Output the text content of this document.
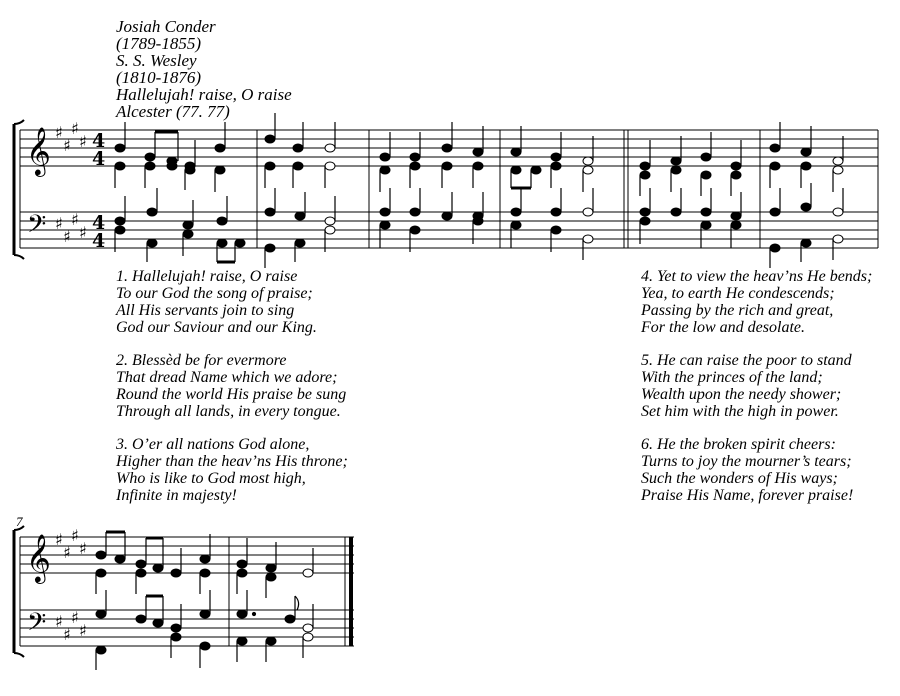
Josiah Conder
(1789-1855)
S. S. Wesley
(1810-1876)
Hallelujah! raise, O raise
Alcester (77. 77)
𝄞
𝄢
♯
♯
♯
♯
♯
♯
♯
♯
4
4
4
4
𝄞
𝄢
♯
♯
♯
♯
♯
♯
♯
♯
7
1. Hallelujah! raise, O raise
To our God the song of praise;
All His servants join to sing
God our Saviour and our King.
2. Blessèd be for evermore
That dread Name which we adore;
Round the world His praise be sung
Through all lands, in every tongue.
3. O’er all nations God alone,
Higher than the heav’ns His throne;
Who is like to God most high,
Infinite in majesty!
4. Yet to view the heav’ns He bends;
Yea, to earth He condescends;
Passing by the rich and great,
For the low and desolate.
5. He can raise the poor to stand
With the princes of the land;
Wealth upon the needy shower;
Set him with the high in power.
6. He the broken spirit cheers:
Turns to joy the mourner’s tears;
Such the wonders of His ways;
Praise His Name, forever praise!
